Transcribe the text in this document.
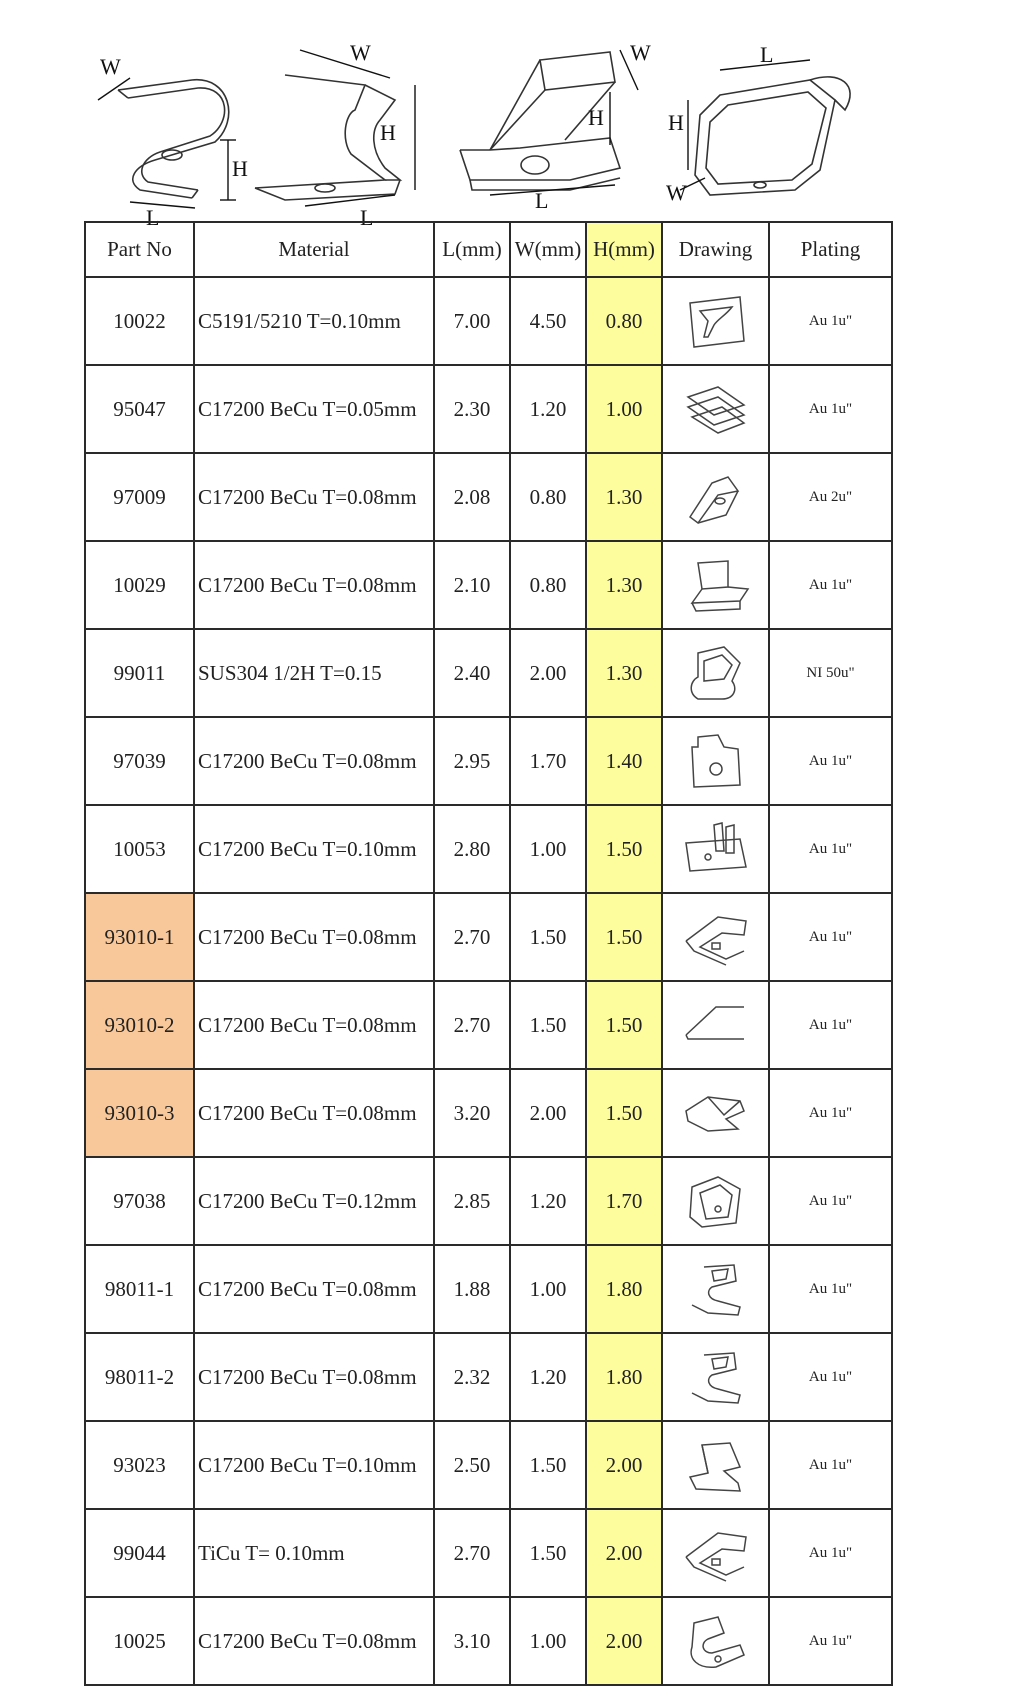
W
H
L
W
H
L
W
H
L
L
H
W
Part No	Material	L(mm)	W(mm)	H(mm)	Drawing	Plating
10022	C5191/5210 T=0.10mm	7.00	4.50	0.80		Au 1u"
95047	C17200 BeCu T=0.05mm	2.30	1.20	1.00		Au 1u"
97009	C17200 BeCu T=0.08mm	2.08	0.80	1.30		Au 2u"
10029	C17200 BeCu T=0.08mm	2.10	0.80	1.30		Au 1u"
99011	SUS304 1/2H T=0.15	2.40	2.00	1.30		NI 50u"
97039	C17200 BeCu T=0.08mm	2.95	1.70	1.40		Au 1u"
10053	C17200 BeCu T=0.10mm	2.80	1.00	1.50		Au 1u"
93010-1	C17200 BeCu T=0.08mm	2.70	1.50	1.50		Au 1u"
93010-2	C17200 BeCu T=0.08mm	2.70	1.50	1.50		Au 1u"
93010-3	C17200 BeCu T=0.08mm	3.20	2.00	1.50		Au 1u"
97038	C17200 BeCu T=0.12mm	2.85	1.20	1.70		Au 1u"
98011-1	C17200 BeCu T=0.08mm	1.88	1.00	1.80		Au 1u"
98011-2	C17200 BeCu T=0.08mm	2.32	1.20	1.80		Au 1u"
93023	C17200 BeCu T=0.10mm	2.50	1.50	2.00		Au 1u"
99044	TiCu T= 0.10mm	2.70	1.50	2.00		Au 1u"
10025	C17200 BeCu T=0.08mm	3.10	1.00	2.00		Au 1u"
